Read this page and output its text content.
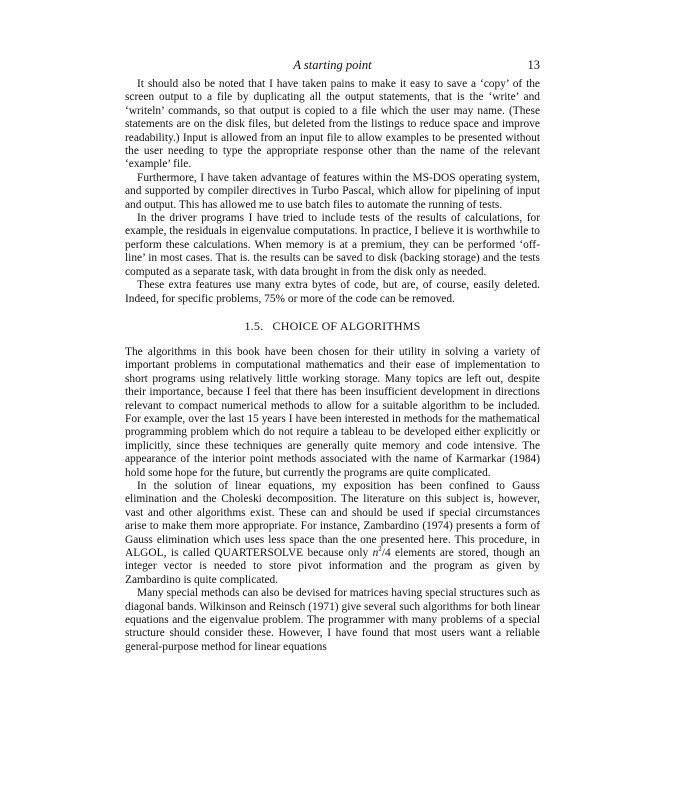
A starting point	13

It should also be noted that I have taken pains to make it easy to save a ‘copy’ of the screen output to a file by duplicating all the output statements, that is the ‘write’ and ‘writeln’ commands, so that output is copied to a file which the user may name. (These statements are on the disk files, but deleted from the listings to reduce space and improve readability.) Input is allowed from an input file to allow examples to be presented without the user needing to type the appropriate response other than the name of the relevant ‘example’ file.

Furthermore, I have taken advantage of features within the MS-DOS operating system, and supported by compiler directives in Turbo Pascal, which allow for pipelining of input and output. This has allowed me to use batch files to automate the running of tests.

In the driver programs I have tried to include tests of the results of calculations, for example, the residuals in eigenvalue computations. In practice, I believe it is worthwhile to perform these calculations. When memory is at a premium, they can be performed ‘off-line’ in most cases. That is. the results can be saved to disk (backing storage) and the tests computed as a separate task, with data brought in from the disk only as needed.

These extra features use many extra bytes of code, but are, of course, easily deleted. Indeed, for specific problems, 75% or more of the code can be removed.

1.5. CHOICE OF ALGORITHMS

The algorithms in this book have been chosen for their utility in solving a variety of important problems in computational mathematics and their ease of implementation to short programs using relatively little working storage. Many topics are left out, despite their importance, because I feel that there has been insufficient development in directions relevant to compact numerical methods to allow for a suitable algorithm to be included. For example, over the last 15 years I have been interested in methods for the mathematical programming problem which do not require a tableau to be developed either explicitly or implicitly, since these techniques are generally quite memory and code intensive. The appearance of the interior point methods associated with the name of Karmarkar (1984) hold some hope for the future, but currently the programs are quite complicated.

In the solution of linear equations, my exposition has been confined to Gauss elimination and the Choleski decomposition. The literature on this subject is, however, vast and other algorithms exist. These can and should be used if special circumstances arise to make them more appropriate. For instance, Zambardino (1974) presents a form of Gauss elimination which uses less space than the one presented here. This procedure, in ALGOL, is called QUARTERSOLVE because only $n^2/4$ elements are stored, though an integer vector is needed to store pivot information and the program as given by Zambardino is quite complicated.

Many special methods can also be devised for matrices having special structures such as diagonal bands. Wilkinson and Reinsch (1971) give several such algorithms for both linear equations and the eigenvalue problem. The programmer with many problems of a special structure should consider these. However, I have found that most users want a reliable general-purpose method for linear equations
